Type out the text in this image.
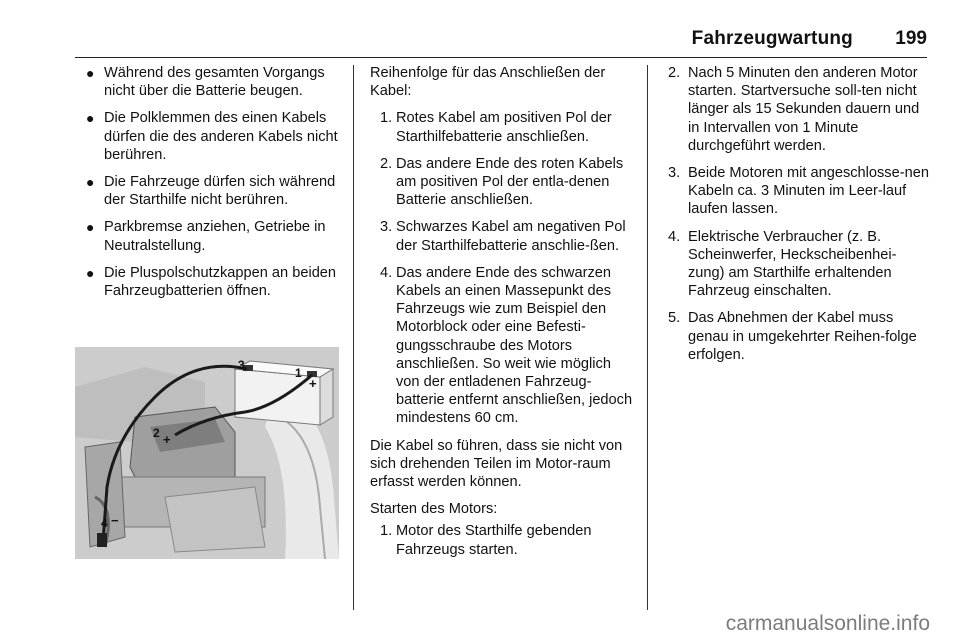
Fahrzeugwartung 199
● Während des gesamten Vorgangs nicht über die Batterie beugen.
● Die Polklemmen des einen Kabels dürfen die des anderen Kabels nicht berühren.
● Die Fahrzeuge dürfen sich während der Starthilfe nicht berühren.
● Parkbremse anziehen, Getriebe in Neutralstellung.
● Die Pluspolschutzkappen an beiden Fahrzeugbatterien öffnen.
1
+
2 +
3
4 −

Reihenfolge für das Anschließen der Kabel:

1. Rotes Kabel am positiven Pol der Starthilfebatterie anschließen.
2. Das andere Ende des roten Kabels am positiven Pol der entla-denen Batterie anschließen.
3. Schwarzes Kabel am negativen Pol der Starthilfebatterie anschlie-ßen.
4. Das andere Ende des schwarzen Kabels an einen Massepunkt des Fahrzeugs wie zum Beispiel den Motorblock oder eine Befesti-gungsschraube des Motors anschließen. So weit wie möglich von der entladenen Fahrzeug-batterie entfernt anschließen, jedoch mindestens 60 cm.

Die Kabel so führen, dass sie nicht von sich drehenden Teilen im Motor-raum erfasst werden können.

Starten des Motors:

1. Motor des Starthilfe gebenden Fahrzeugs starten.
2. Nach 5 Minuten den anderen Motor starten. Startversuche soll-ten nicht länger als 15 Sekunden dauern und in Intervallen von 1 Minute durchgeführt werden.
3. Beide Motoren mit angeschlosse-nen Kabeln ca. 3 Minuten im Leer-lauf laufen lassen.
4. Elektrische Verbraucher (z. B. Scheinwerfer, Heckscheibenhei-zung) am Starthilfe erhaltenden Fahrzeug einschalten.
5. Das Abnehmen der Kabel muss genau in umgekehrter Reihen-folge erfolgen.
carmanualsonline.info
